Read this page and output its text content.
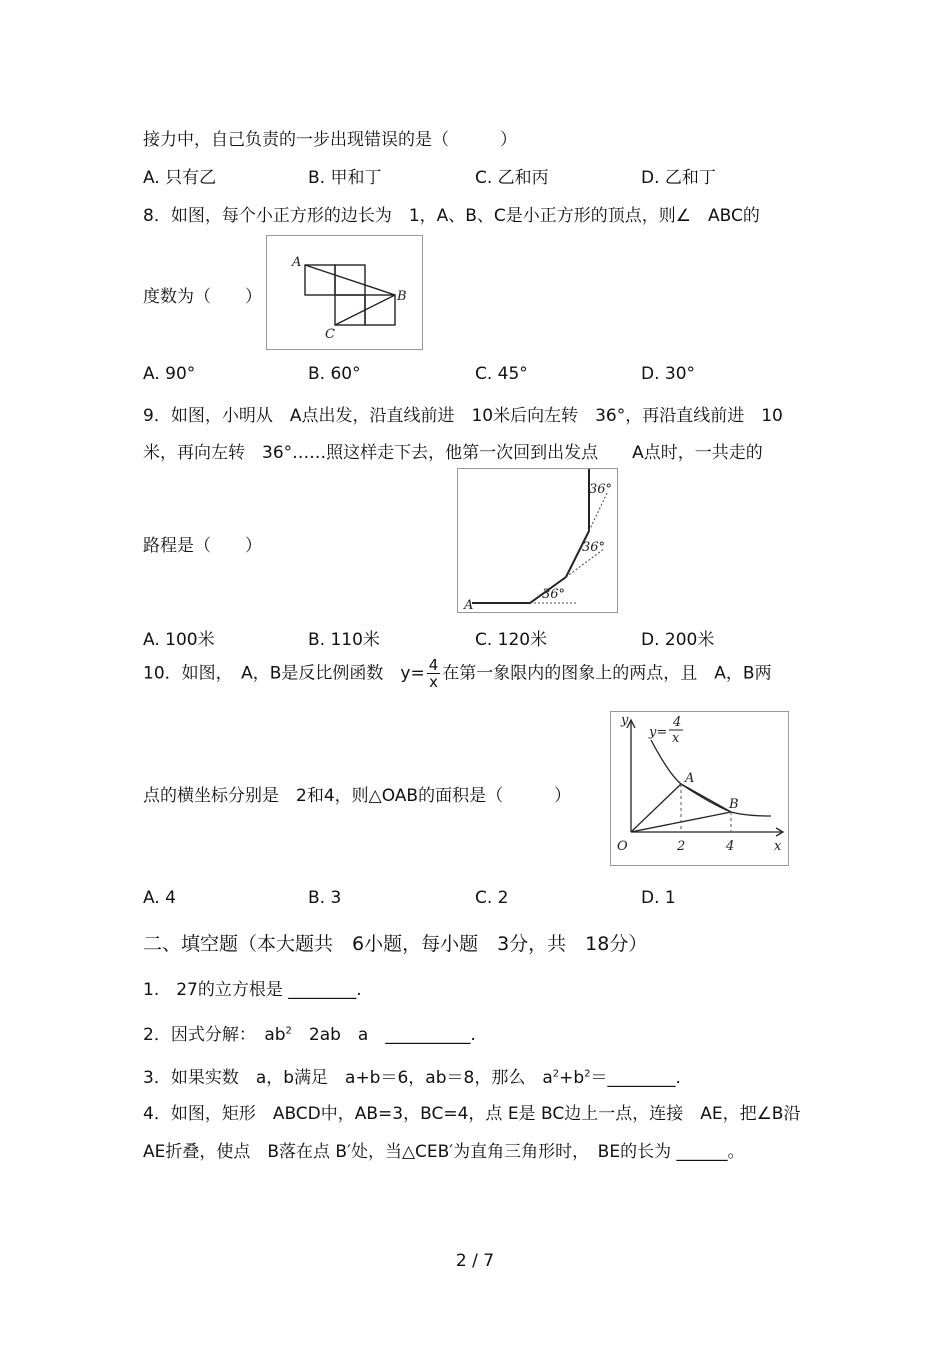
接力中，自己负责的一步出现错误的是（　　　）
A. 只有乙	B. 甲和丁	C. 乙和丙	D. 乙和丁
8．如图，每个小正方形的边长为　1，A、B、C是小正方形的顶点，则∠　ABC的
度数为（　　）
A
B
C
A. 90°	B. 60°	C. 45°	D. 30°
9．如图，小明从　A点出发，沿直线前进　10米后向左转　36°，再沿直线前进　10
米，再向左转　36°……照这样走下去，他第一次回到出发点　　A点时，一共走的
路程是（　　）
A
36°
36°
36°
A. 100米	B. 110米	C. 120米	D. 200米
10．如图，　A，B是反比例函数　$y= \frac{4}{x}$ 在第一象限内的图象上的两点，且　A，B两
点的横坐标分别是　2和4，则△OAB的面积是（　　　）
y
y=
4
x
A
B
O	2	4	x
A. 4	B. 3	C. 2	D. 1
二、填空题（本大题共　6小题，每小题　3分，共　18分）
1.　27的立方根是 ________.
2．因式分解：　$ab^2$　2ab　a　__________.
3．如果实数　a，b满足　a+b＝6，ab＝8，那么　$a^2+b^2=\_\_\_\_\_\_\_\_$.
4．如图，矩形　ABCD中，AB=3，BC=4，点 E是 BC边上一点，连接　AE，把∠B沿
AE折叠，使点　B落在点 B′处，当△CEB′为直角三角形时，　BE的长为 ______。
2 / 7
